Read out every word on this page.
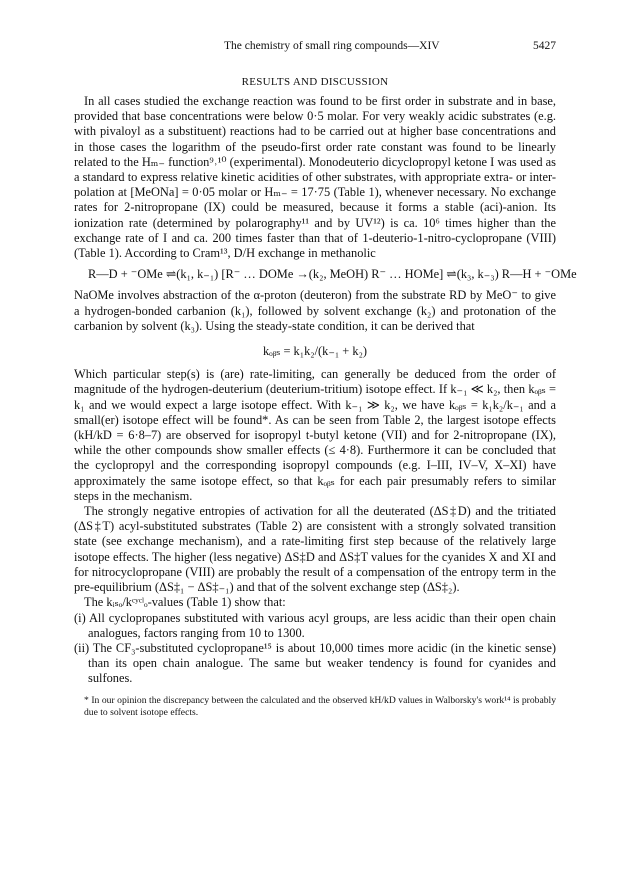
The chemistry of small ring compounds—XIV	5427
RESULTS AND DISCUSSION

In all cases studied the exchange reaction was found to be first order in substrate and in base, provided that base concentrations were below 0·5 molar. For very weakly acidic substrates (e.g. with pivaloyl as a substituent) reactions had to be carried out at higher base concentrations and in those cases the logarithm of the pseudo-first order rate constant was found to be linearly related to the Hₘ₋ function⁹˒¹⁰ (experimental). Monodeuterio dicyclopropyl ketone I was used as a standard to express relative kinetic acidities of other substrates, with appropriate extra- or inter-polation at [MeONa] = 0·05 molar or Hₘ₋ = 17·75 (Table 1), whenever necessary. No exchange rates for 2-nitropropane (IX) could be measured, because it forms a stable (aci)-anion. Its ionization rate (determined by polarography¹¹ and by UV¹²) is ca. 10⁶ times higher than the exchange rate of I and ca. 200 times faster than that of 1-deuterio-1-nitro-cyclopropane (VIII) (Table 1). According to Cram¹³, D/H exchange in methanolic

R—D + ⁻OMe ⇌(k₁, k₋₁) [R⁻ … DOMe →(k₂, MeOH) R⁻ … HOMe] ⇌(k₃, k₋₃) R—H + ⁻OMe

NaOMe involves abstraction of the α-proton (deuteron) from the substrate RD by MeO⁻ to give a hydrogen-bonded carbanion (k₁), followed by solvent exchange (k₂) and protonation of the carbanion by solvent (k₃). Using the steady-state condition, it can be derived that

kₒᵦₛ = k₁k₂/(k₋₁ + k₂)

Which particular step(s) is (are) rate-limiting, can generally be deduced from the order of magnitude of the hydrogen-deuterium (deuterium-tritium) isotope effect. If k₋₁ ≪ k₂, then kₒᵦₛ = k₁ and we would expect a large isotope effect. With k₋₁ ≫ k₂, we have kₒᵦₛ = k₁k₂/k₋₁ and a small(er) isotope effect will be found*. As can be seen from Table 2, the largest isotope effects (kH/kD = 6·8–7) are observed for isopropyl t-butyl ketone (VII) and for 2-nitropropane (IX), while the other compounds show smaller effects (≤ 4·8). Furthermore it can be concluded that the cyclopropyl and the corresponding isopropyl compounds (e.g. I–III, IV–V, X–XI) have approximately the same isotope effect, so that kₒᵦₛ for each pair presumably refers to similar steps in the mechanism.

The strongly negative entropies of activation for all the deuterated (ΔS‡D) and the tritiated (ΔS‡T) acyl-substituted substrates (Table 2) are consistent with a strongly solvated transition state (see exchange mechanism), and a rate-limiting first step because of the relatively large isotope effects. The higher (less negative) ΔS‡D and ΔS‡T values for the cyanides X and XI and for nitrocyclopropane (VIII) are probably the result of a compensation of the entropy term in the pre-equilibrium (ΔS‡₁ − ΔS‡₋₁) and that of the solvent exchange step (ΔS‡₂).

The kᵢₛₒ/kᶜʸᶜˡₒ-values (Table 1) show that:

(i) All cyclopropanes substituted with various acyl groups, are less acidic than their open chain analogues, factors ranging from 10 to 1300.
(ii) The CF₃-substituted cyclopropane¹⁵ is about 10,000 times more acidic (in the kinetic sense) than its open chain analogue. The same but weaker tendency is found for cyanides and sulfones.
* In our opinion the discrepancy between the calculated and the observed kH/kD values in Walborsky's work¹⁴ is probably due to solvent isotope effects.
